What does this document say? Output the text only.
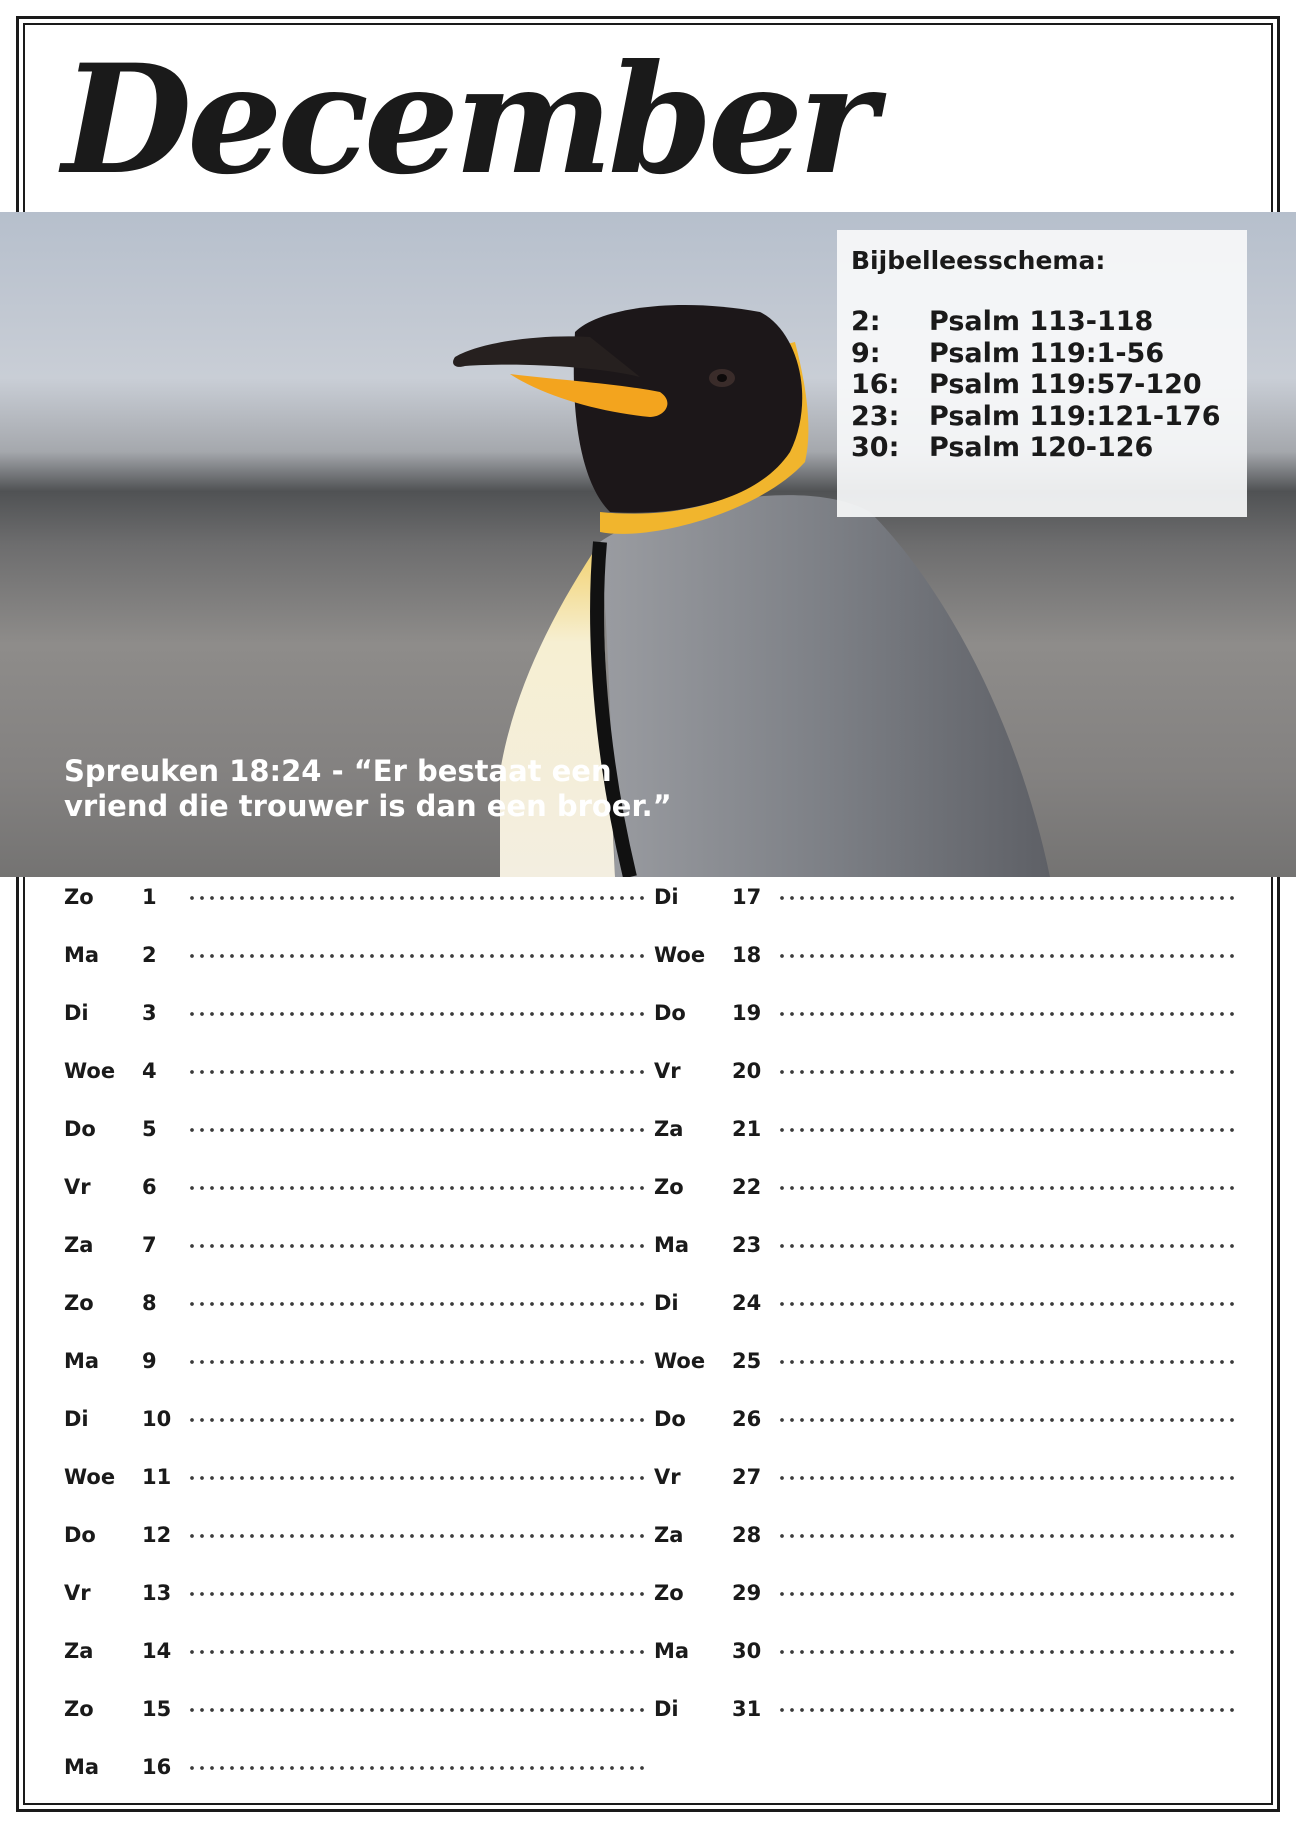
December
Bijbelleesschema:
2:	Psalm 113-118
9:	Psalm 119:1-56
16:	Psalm 119:57-120
23:	Psalm 119:121-176
30:	Psalm 120-126

Spreuken 18:24 - “Er bestaat een
vriend die trouwer is dan een broer.”

Zo	1
Ma	2
Di	3
Woe	4
Do	5
Vr	6
Za	7
Zo	8
Ma	9
Di	10
Woe	11
Do	12
Vr	13
Za	14
Zo	15
Ma	16
Di	17
Woe	18
Do	19
Vr	20
Za	21
Zo	22
Ma	23
Di	24
Woe	25
Do	26
Vr	27
Za	28
Zo	29
Ma	30
Di	31
